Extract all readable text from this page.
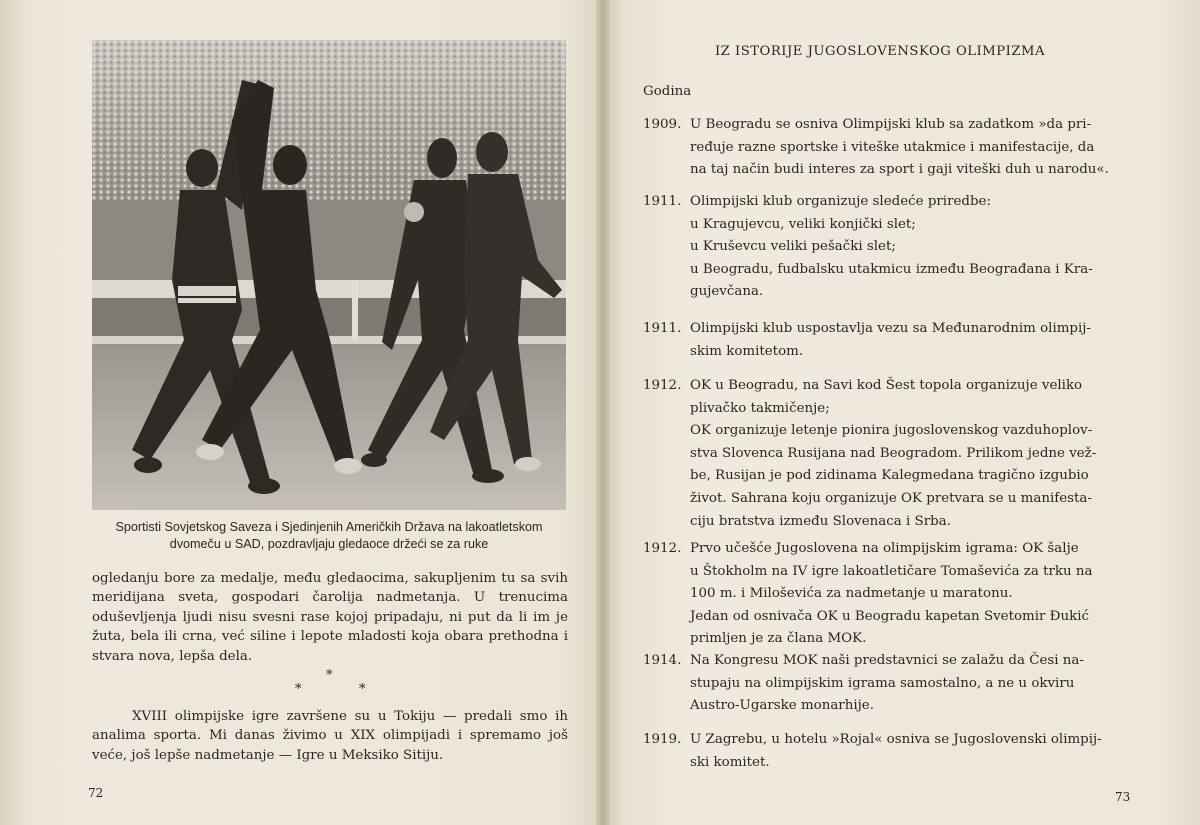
Sportisti Sovjetskog Saveza i Sjedinjenih Američkih Država na lakoatletskom dvomeču u SAD, pozdravljaju gledaoce držeći se za ruke
ogledanju bore za medalje, među gledaocima, sakupljenim tu sa svih meridijana sveta, gospodari čarolija nadmetanja. U trenucima oduševljenja ljudi nisu svesni rase kojoj pripadaju, ni put da li im je žuta, bela ili crna, već siline i lepote mladosti koja obara prethodna i stvara nova, lepša dela.
*
*	*
XVIII olimpijske igre završene su u Tokiju — predali smo ih analima sporta. Mi danas živimo u XIX olimpijadi i spremamo još veće, još lepše nadmetanje — Igre u Meksiko Sitiju.
72
IZ ISTORIJE JUGOSLOVENSKOG OLIMPIZMA
Godina
1909. U Beogradu se osniva Olimpijski klub sa zadatkom »da pri-
ređuje razne sportske i viteške utakmice i manifestacije, da
na taj način budi interes za sport i gaji viteški duh u narodu«.
1911. Olimpijski klub organizuje sledeće priredbe:
u Kragujevcu, veliki konjički slet;
u Kruševcu veliki pešački slet;
u Beogradu, fudbalsku utakmicu između Beograđana i Kra-
gujevčana.
1911. Olimpijski klub uspostavlja vezu sa Međunarodnim olimpij-
skim komitetom.
1912. OK u Beogradu, na Savi kod Šest topola organizuje veliko
plivačko takmičenje;
OK organizuje letenje pionira jugoslovenskog vazduhoplov-
stva Slovenca Rusijana nad Beogradom. Prilikom jedne vež-
be, Rusijan je pod zidinama Kalegmedana tragično izgubio
život. Sahrana koju organizuje OK pretvara se u manifesta-
ciju bratstva između Slovenaca i Srba.
1912. Prvo učešće Jugoslovena na olimpijskim igrama: OK šalje
u Štokholm na IV igre lakoatletičare Tomaševića za trku na
100 m. i Miloševića za nadmetanje u maratonu.
Jedan od osnivača OK u Beogradu kapetan Svetomir Đukić
primljen je za člana MOK.
1914. Na Kongresu MOK naši predstavnici se zalažu da Česi na-
stupaju na olimpijskim igrama samostalno, a ne u okviru
Austro-Ugarske monarhije.
1919. U Zagrebu, u hotelu »Rojal« osniva se Jugoslovenski olimpij-
ski komitet.
73
